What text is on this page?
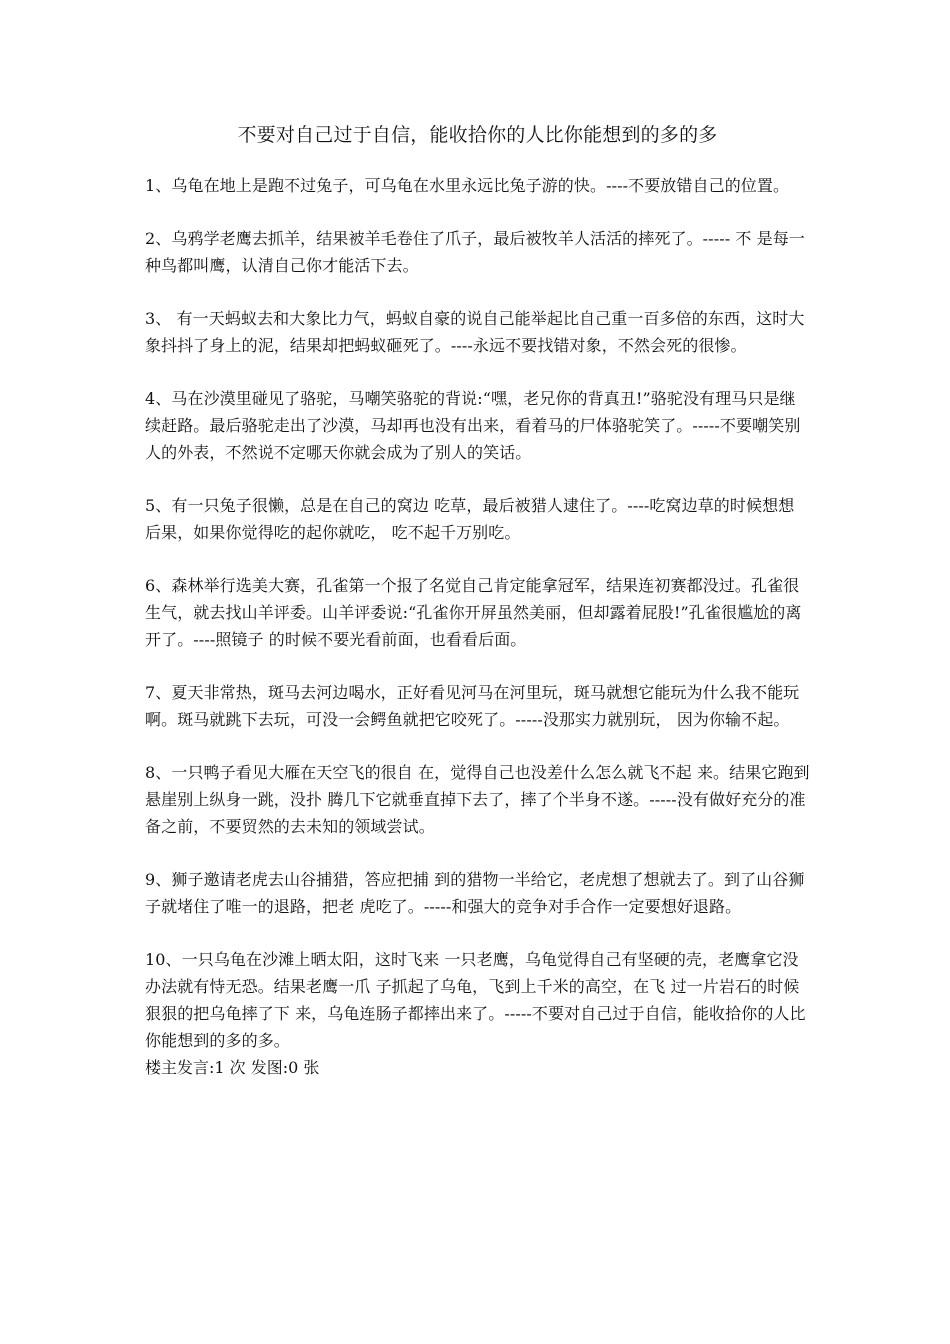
不要对自己过于自信，能收拾你的人比你能想到的多的多

1、乌龟在地上是跑不过兔子，可乌龟在水里永远比兔子游的快。----不要放错自己的位置。

2、乌鸦学老鹰去抓羊，结果被羊毛卷住了爪子，最后被牧羊人活活的摔死了。----- 不 是每一种鸟都叫鹰，认清自己你才能活下去。

3、 有一天蚂蚁去和大象比力气，蚂蚁自豪的说自己能举起比自己重一百多倍的东西，这时大象抖抖了身上的泥，结果却把蚂蚁砸死了。----永远不要找错对象，不然会死的很惨。

4、马在沙漠里碰见了骆驼，马嘲笑骆驼的背说:“嘿，老兄你的背真丑!”骆驼没有理马只是继续赶路。最后骆驼走出了沙漠，马却再也没有出来，看着马的尸体骆驼笑了。-----不要嘲笑别人的外表，不然说不定哪天你就会成为了别人的笑话。

5、有一只兔子很懒，总是在自己的窝边 吃草，最后被猎人逮住了。----吃窝边草的时候想想后果，如果你觉得吃的起你就吃， 吃不起千万别吃。

6、森林举行选美大赛，孔雀第一个报了名觉自己肯定能拿冠军，结果连初赛都没过。孔雀很生气，就去找山羊评委。山羊评委说:“孔雀你开屏虽然美丽，但却露着屁股!”孔雀很尴尬的离开了。----照镜子 的时候不要光看前面，也看看后面。

7、夏天非常热，斑马去河边喝水，正好看见河马在河里玩，斑马就想它能玩为什么我不能玩啊。斑马就跳下去玩，可没一会鳄鱼就把它咬死了。-----没那实力就别玩， 因为你输不起。

8、一只鸭子看见大雁在天空飞的很自 在，觉得自己也没差什么怎么就飞不起 来。结果它跑到悬崖别上纵身一跳，没扑 腾几下它就垂直掉下去了，摔了个半身不遂。-----没有做好充分的准备之前，不要贸然的去未知的领域尝试。

9、狮子邀请老虎去山谷捕猎，答应把捕 到的猎物一半给它，老虎想了想就去了。到了山谷狮子就堵住了唯一的退路，把老 虎吃了。-----和强大的竞争对手合作一定要想好退路。

10、一只乌龟在沙滩上晒太阳，这时飞来 一只老鹰，乌龟觉得自己有坚硬的壳，老鹰拿它没办法就有恃无恐。结果老鹰一爪 子抓起了乌龟，飞到上千米的高空，在飞 过一片岩石的时候狠狠的把乌龟摔了下 来，乌龟连肠子都摔出来了。-----不要对自己过于自信，能收拾你的人比你能想到的多的多。

楼主发言:1 次 发图:0 张
